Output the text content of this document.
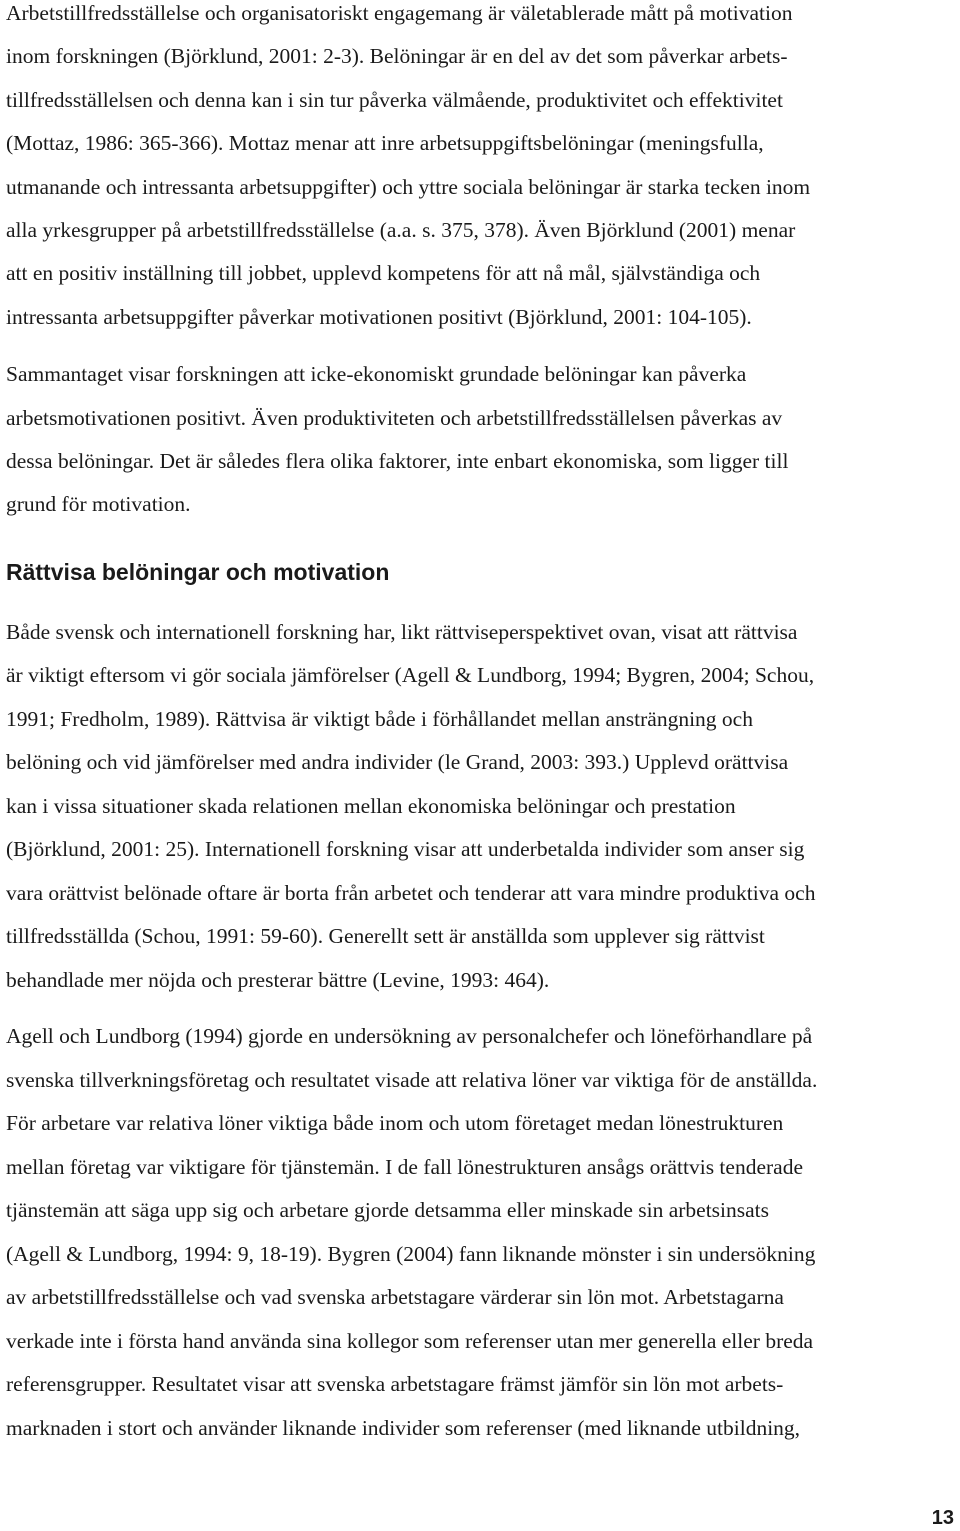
Arbetstillfredsställelse och organisatoriskt engagemang är väletablerade mått på motivation

inom forskningen (Björklund, 2001: 2-3). Belöningar är en del av det som påverkar arbets-

tillfredsställelsen och denna kan i sin tur påverka välmående, produktivitet och effektivitet

(Mottaz, 1986: 365-366). Mottaz menar att inre arbetsuppgiftsbelöningar (meningsfulla,

utmanande och intressanta arbetsuppgifter) och yttre sociala belöningar är starka tecken inom

alla yrkesgrupper på arbetstillfredsställelse (a.a. s. 375, 378). Även Björklund (2001) menar

att en positiv inställning till jobbet, upplevd kompetens för att nå mål, självständiga och

intressanta arbetsuppgifter påverkar motivationen positivt (Björklund, 2001: 104-105).

Sammantaget visar forskningen att icke-ekonomiskt grundade belöningar kan påverka

arbetsmotivationen positivt. Även produktiviteten och arbetstillfredsställelsen påverkas av

dessa belöningar. Det är således flera olika faktorer, inte enbart ekonomiska, som ligger till

grund för motivation.

Rättvisa belöningar och motivation

Både svensk och internationell forskning har, likt rättviseperspektivet ovan, visat att rättvisa

är viktigt eftersom vi gör sociala jämförelser (Agell & Lundborg, 1994; Bygren, 2004; Schou,

1991; Fredholm, 1989). Rättvisa är viktigt både i förhållandet mellan ansträngning och

belöning och vid jämförelser med andra individer (le Grand, 2003: 393.) Upplevd orättvisa

kan i vissa situationer skada relationen mellan ekonomiska belöningar och prestation

(Björklund, 2001: 25). Internationell forskning visar att underbetalda individer som anser sig

vara orättvist belönade oftare är borta från arbetet och tenderar att vara mindre produktiva och

tillfredsställda (Schou, 1991: 59-60). Generellt sett är anställda som upplever sig rättvist

behandlade mer nöjda och presterar bättre (Levine, 1993: 464).

Agell och Lundborg (1994) gjorde en undersökning av personalchefer och löneförhandlare på

svenska tillverkningsföretag och resultatet visade att relativa löner var viktiga för de anställda.

För arbetare var relativa löner viktiga både inom och utom företaget medan lönestrukturen

mellan företag var viktigare för tjänstemän. I de fall lönestrukturen ansågs orättvis tenderade

tjänstemän att säga upp sig och arbetare gjorde detsamma eller minskade sin arbetsinsats

(Agell & Lundborg, 1994: 9, 18-19). Bygren (2004) fann liknande mönster i sin undersökning

av arbetstillfredsställelse och vad svenska arbetstagare värderar sin lön mot. Arbetstagarna

verkade inte i första hand använda sina kollegor som referenser utan mer generella eller breda

referensgrupper. Resultatet visar att svenska arbetstagare främst jämför sin lön mot arbets-

marknaden i stort och använder liknande individer som referenser (med liknande utbildning,

13
